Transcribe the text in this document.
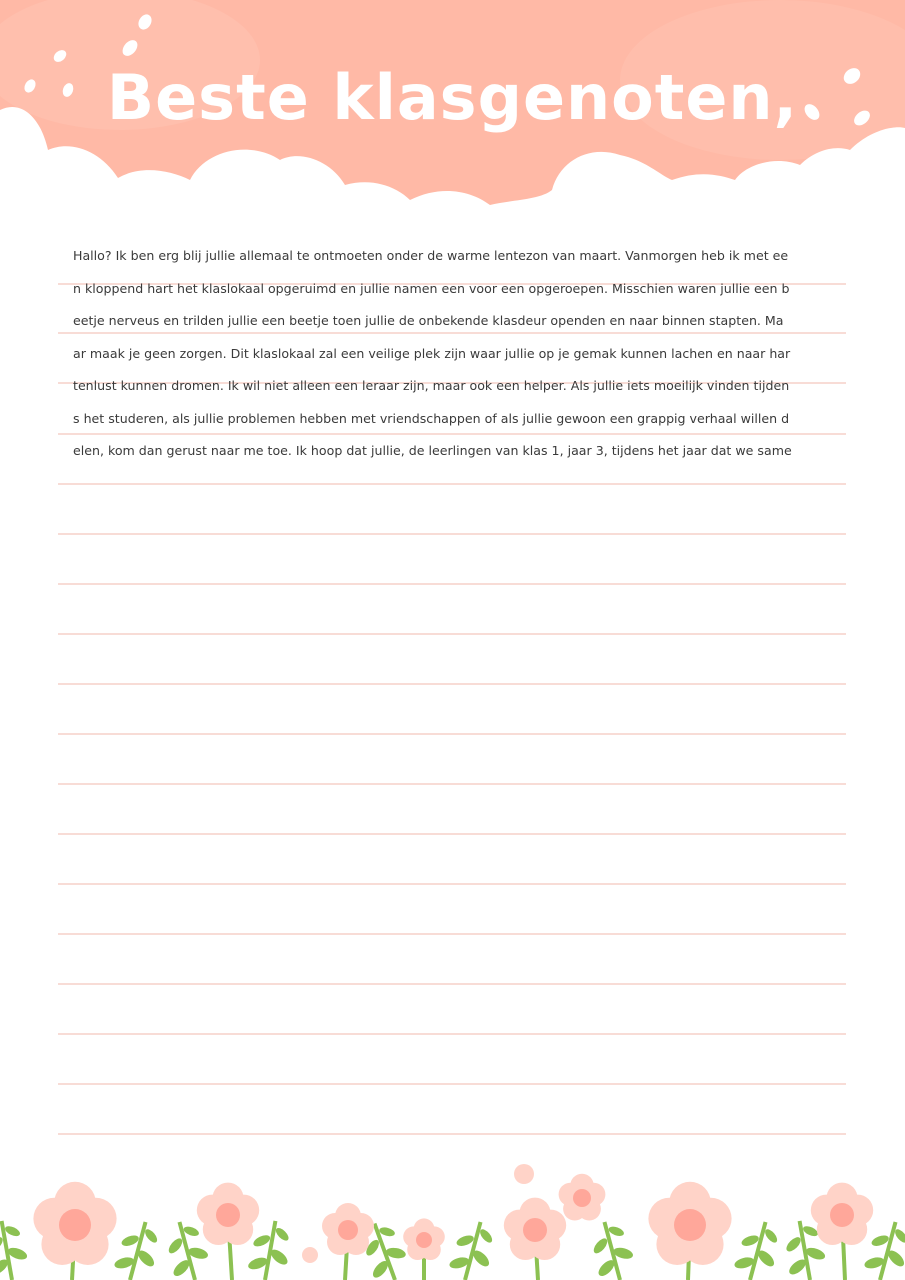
Beste klasgenoten,
Hallo? Ik ben erg blij jullie allemaal te ontmoeten onder de warme lentezon van maart. Vanmorgen heb ik met ee
n kloppend hart het klaslokaal opgeruimd en jullie namen een voor een opgeroepen. Misschien waren jullie een b
eetje nerveus en trilden jullie een beetje toen jullie de onbekende klasdeur openden en naar binnen stapten. Ma
ar maak je geen zorgen. Dit klaslokaal zal een veilige plek zijn waar jullie op je gemak kunnen lachen en naar har
tenlust kunnen dromen. Ik wil niet alleen een leraar zijn, maar ook een helper. Als jullie iets moeilijk vinden tijden
s het studeren, als jullie problemen hebben met vriendschappen of als jullie gewoon een grappig verhaal willen d
elen, kom dan gerust naar me toe. Ik hoop dat jullie, de leerlingen van klas 1, jaar 3, tijdens het jaar dat we same
